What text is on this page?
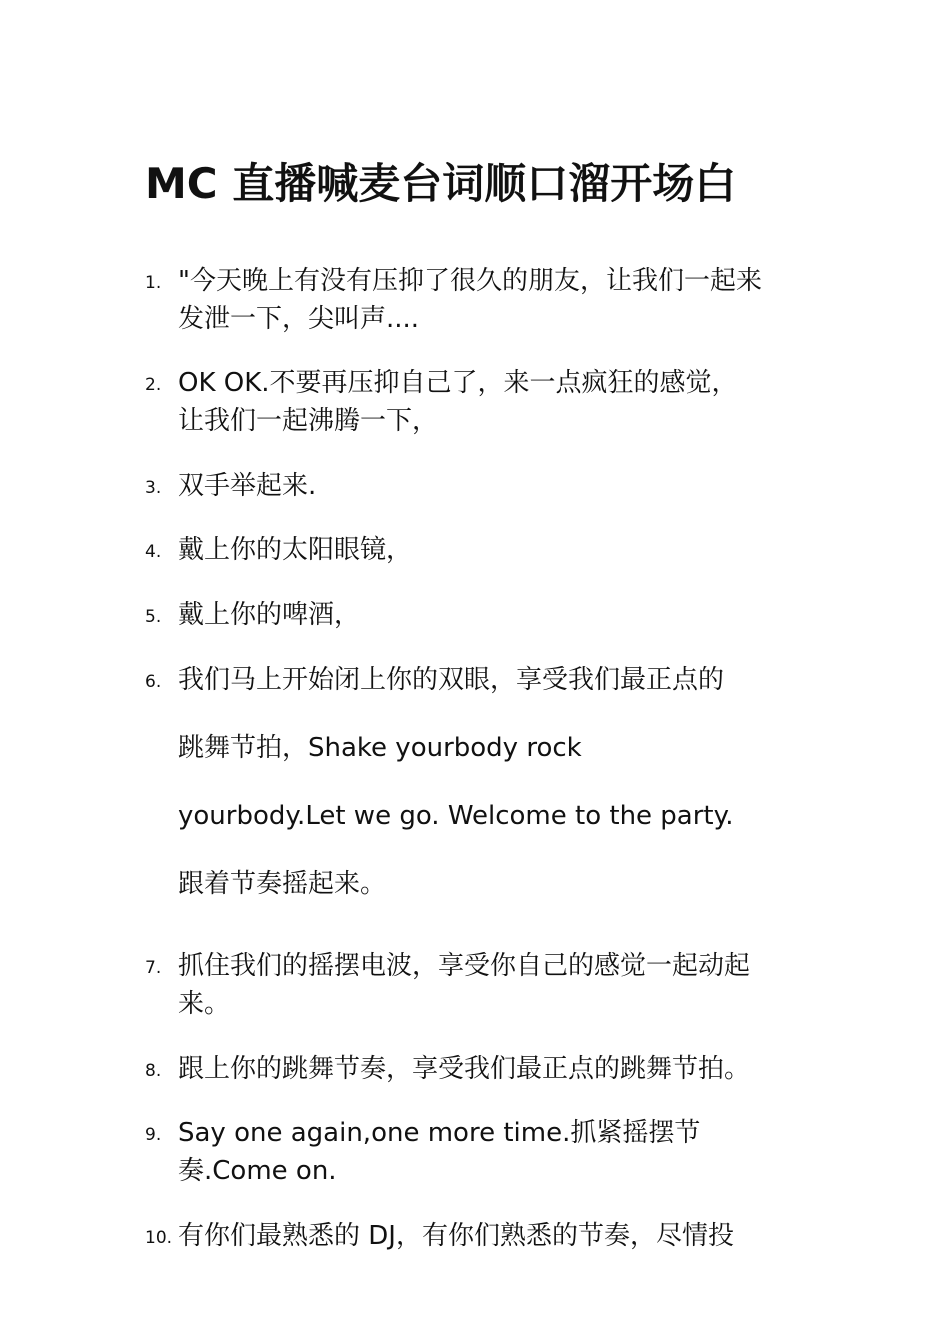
MC 直播喊麦台词顺口溜开场白
1. "今天晚上有没有压抑了很久的朋友，让我们一起来
发泄一下，尖叫声....

2. OK OK.不要再压抑自己了，来一点疯狂的感觉，
让我们一起沸腾一下，

3. 双手举起来.

4. 戴上你的太阳眼镜，

5. 戴上你的啤酒，

6. 我们马上开始闭上你的双眼，享受我们最正点的
跳舞节拍，Shake yourbody rock
yourbody.Let we go. Welcome to the party.
跟着节奏摇起来。

7. 抓住我们的摇摆电波，享受你自己的感觉一起动起
来。

8. 跟上你的跳舞节奏，享受我们最正点的跳舞节拍。

9. Say one again,one more time.抓紧摇摆节
奏.Come on.

10. 有你们最熟悉的 DJ，有你们熟悉的节奏，尽情投
